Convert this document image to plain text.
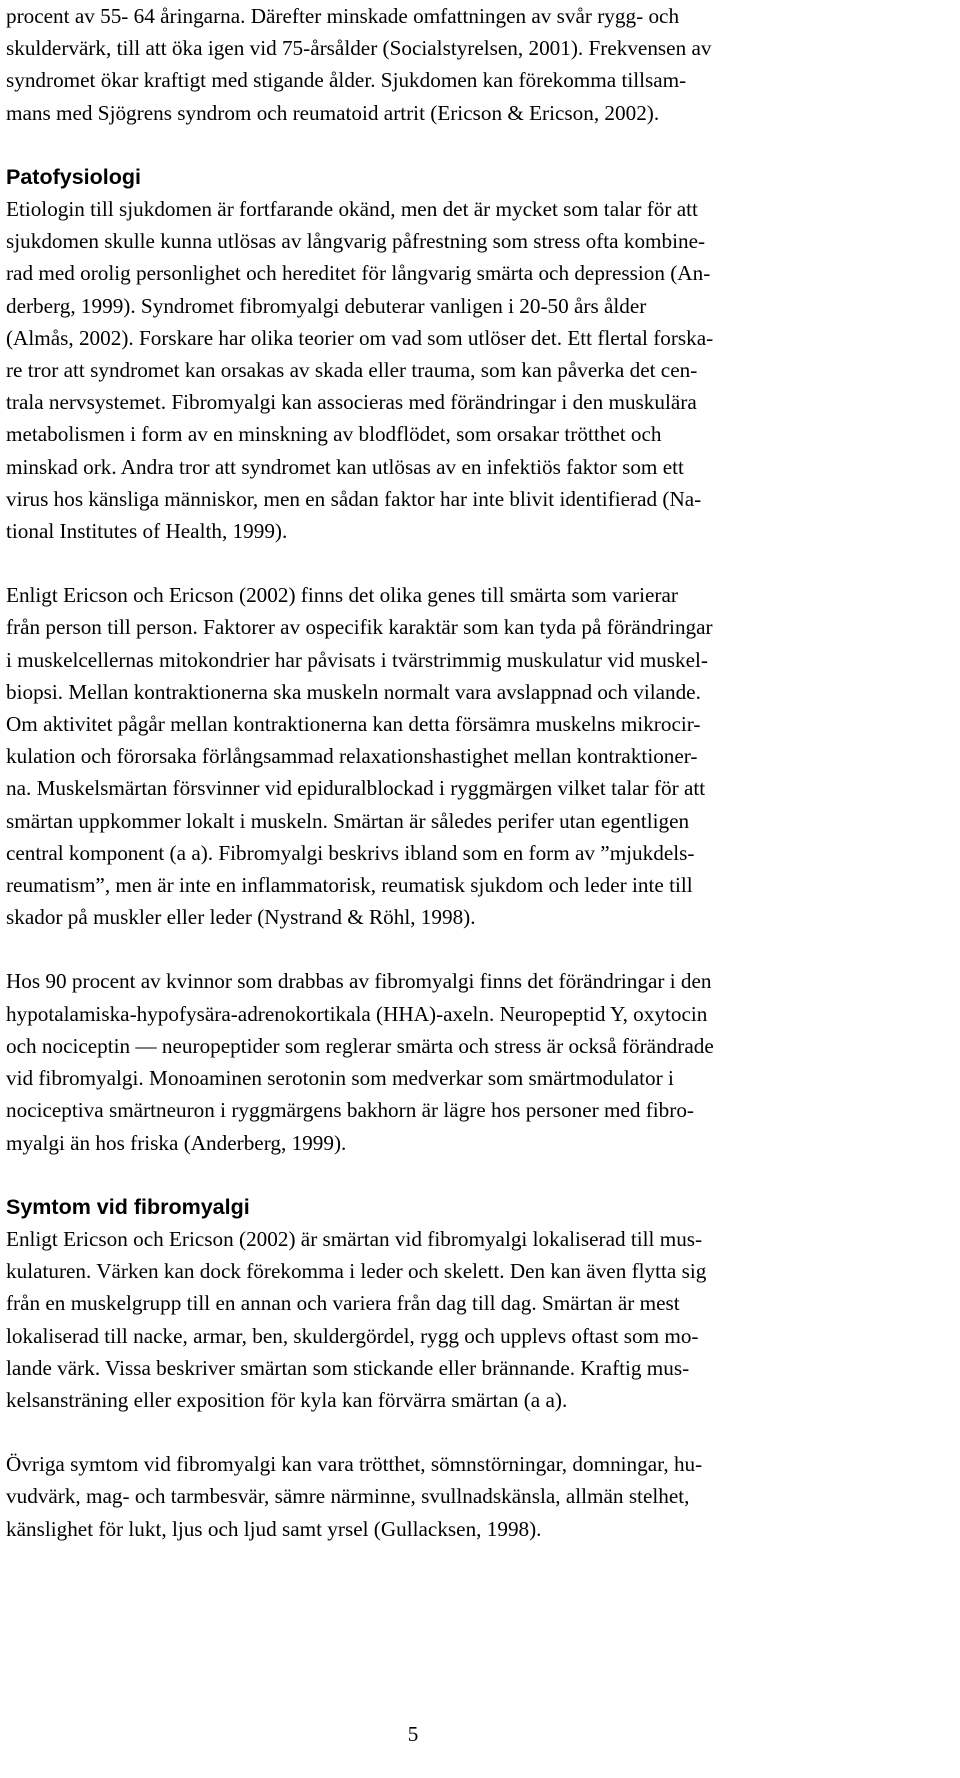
procent av 55- 64 åringarna. Därefter minskade omfattningen av svår rygg- och
skuldervärk, till att öka igen vid 75-årsålder (Socialstyrelsen, 2001). Frekvensen av
syndromet ökar kraftigt med stigande ålder. Sjukdomen kan förekomma tillsam-
mans med Sjögrens syndrom och reumatoid artrit (Ericson & Ericson, 2002).

Patofysiologi

Etiologin till sjukdomen är fortfarande okänd, men det är mycket som talar för att
sjukdomen skulle kunna utlösas av långvarig påfrestning som stress ofta kombine-
rad med orolig personlighet och hereditet för långvarig smärta och depression (An-
derberg, 1999). Syndromet fibromyalgi debuterar vanligen i 20-50 års ålder
(Almås, 2002). Forskare har olika teorier om vad som utlöser det. Ett flertal forska-
re tror att syndromet kan orsakas av skada eller trauma, som kan påverka det cen-
trala nervsystemet. Fibromyalgi kan associeras med förändringar i den muskulära
metabolismen i form av en minskning av blodflödet, som orsakar trötthet och
minskad ork. Andra tror att syndromet kan utlösas av en infektiös faktor som ett
virus hos känsliga människor, men en sådan faktor har inte blivit identifierad (Na-
tional Institutes of Health, 1999).

Enligt Ericson och Ericson (2002) finns det olika genes till smärta som varierar
från person till person. Faktorer av ospecifik karaktär som kan tyda på förändringar
i muskelcellernas mitokondrier har påvisats i tvärstrimmig muskulatur vid muskel-
biopsi. Mellan kontraktionerna ska muskeln normalt vara avslappnad och vilande.
Om aktivitet pågår mellan kontraktionerna kan detta försämra muskelns mikrocir-
kulation och förorsaka förlångsammad relaxationshastighet mellan kontraktioner-
na. Muskelsmärtan försvinner vid epiduralblockad i ryggmärgen vilket talar för att
smärtan uppkommer lokalt i muskeln. Smärtan är således perifer utan egentligen
central komponent (a a). Fibromyalgi beskrivs ibland som en form av ”mjukdels-
reumatism”, men är inte en inflammatorisk, reumatisk sjukdom och leder inte till
skador på muskler eller leder (Nystrand & Röhl, 1998).

Hos 90 procent av kvinnor som drabbas av fibromyalgi finns det förändringar i den
hypotalamiska-hypofysära-adrenokortikala (HHA)-axeln. Neuropeptid Y, oxytocin
och nociceptin — neuropeptider som reglerar smärta och stress är också förändrade
vid fibromyalgi. Monoaminen serotonin som medverkar som smärtmodulator i
nociceptiva smärtneuron i ryggmärgens bakhorn är lägre hos personer med fibro-
myalgi än hos friska (Anderberg, 1999).

Symtom vid fibromyalgi

Enligt Ericson och Ericson (2002) är smärtan vid fibromyalgi lokaliserad till mus-
kulaturen. Värken kan dock förekomma i leder och skelett. Den kan även flytta sig
från en muskelgrupp till en annan och variera från dag till dag. Smärtan är mest
lokaliserad till nacke, armar, ben, skuldergördel, rygg och upplevs oftast som mo-
lande värk. Vissa beskriver smärtan som stickande eller brännande. Kraftig mus-
kelsansträning eller exposition för kyla kan förvärra smärtan (a a).

Övriga symtom vid fibromyalgi kan vara trötthet, sömnstörningar, domningar, hu-
vudvärk, mag- och tarmbesvär, sämre närminne, svullnadskänsla, allmän stelhet,
känslighet för lukt, ljus och ljud samt yrsel (Gullacksen, 1998).

5
